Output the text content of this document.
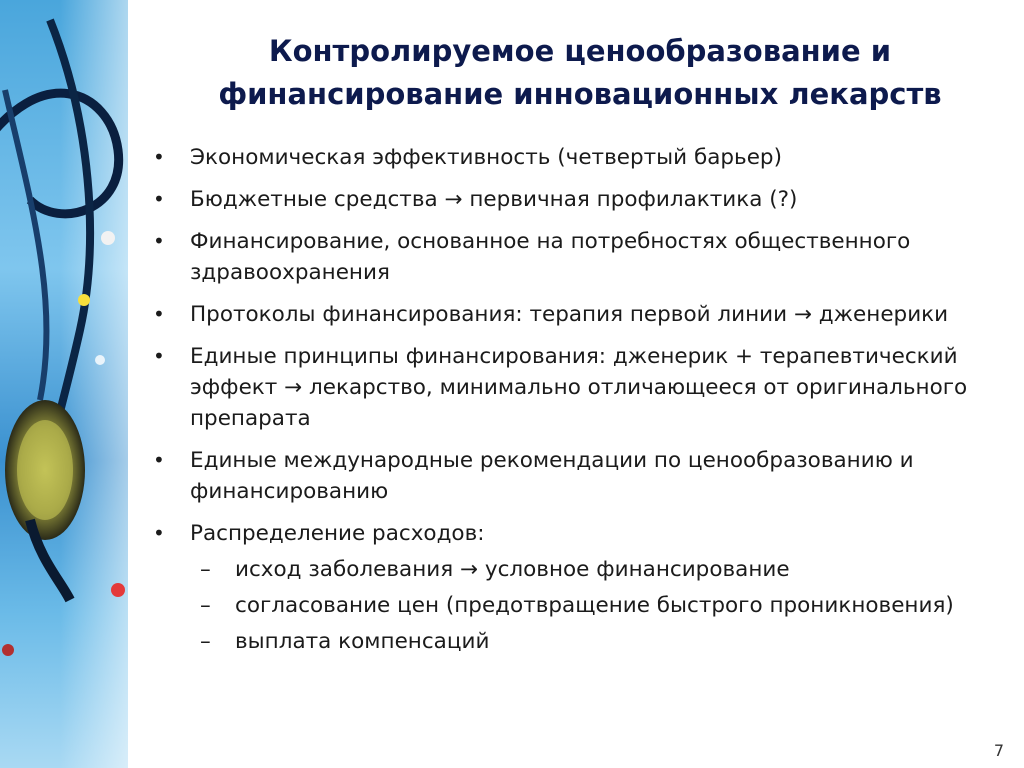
Контролируемое ценообразование и
финансирование инновационных лекарств
• Экономическая эффективность (четвертый барьер)
• Бюджетные средства → первичная профилактика (?)
• Финансирование, основанное на потребностях общественного здравоохранения
• Протоколы финансирования: терапия первой линии → дженерики
• Единые принципы финансирования: дженерик + терапевтический эффект → лекарство, минимально отличающееся от оригинального препарата
• Единые международные рекомендации по ценообразованию и финансированию
• Распределение расходов:
– исход заболевания → условное финансирование
– согласование цен (предотвращение быстрого проникновения)
– выплата компенсаций
7
